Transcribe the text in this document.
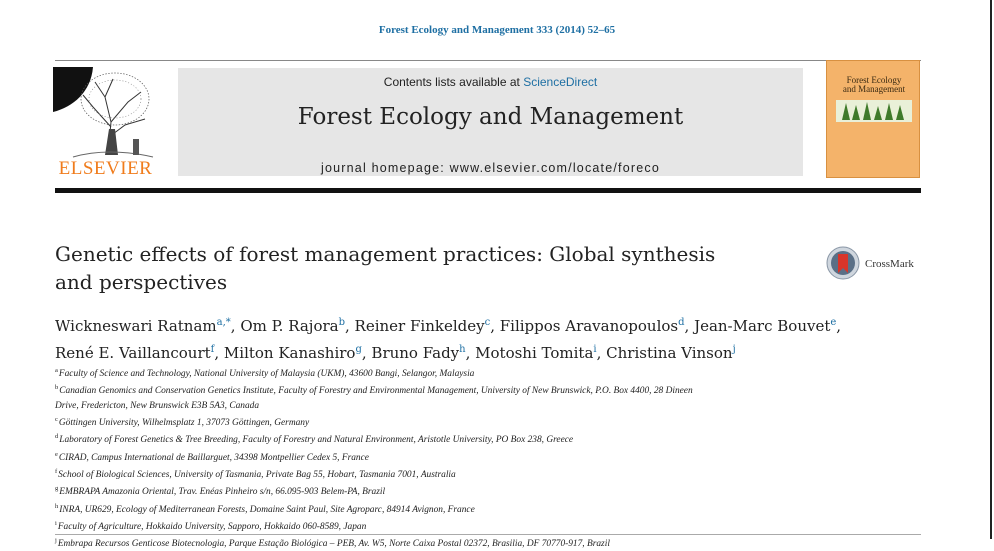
Forest Ecology and Management 333 (2014) 52–65
ELSEVIER
Contents lists available at ScienceDirect
Forest Ecology and Management
journal homepage: www.elsevier.com/locate/foreco
Forest Ecology
and Management
Genetic effects of forest management practices: Global synthesis
and perspectives
CrossMark
Wickneswari Ratnam$^{a,*}$, Om P. Rajora$^b$, Reiner Finkeldey$^c$, Filippos Aravanopoulos$^d$, Jean-Marc Bouvet$^e$,
René E. Vaillancourt$^f$, Milton Kanashiro$^g$, Bruno Fady$^h$, Motoshi Tomita$^i$, Christina Vinson$^j$
$^a$Faculty of Science and Technology, National University of Malaysia (UKM), 43600 Bangi, Selangor, Malaysia
$^b$Canadian Genomics and Conservation Genetics Institute, Faculty of Forestry and Environmental Management, University of New Brunswick, P.O. Box 4400, 28 Dineen
Drive, Fredericton, New Brunswick E3B 5A3, Canada
$^c$Göttingen University, Wilhelmsplatz 1, 37073 Göttingen, Germany
$^d$Laboratory of Forest Genetics & Tree Breeding, Faculty of Forestry and Natural Environment, Aristotle University, PO Box 238, Greece
$^e$CIRAD, Campus International de Baillarguet, 34398 Montpellier Cedex 5, France
$^f$School of Biological Sciences, University of Tasmania, Private Bag 55, Hobart, Tasmania 7001, Australia
$^g$EMBRAPA Amazonia Oriental, Trav. Enéas Pinheiro s/n, 66.095-903 Belem-PA, Brazil
$^h$INRA, UR629, Ecology of Mediterranean Forests, Domaine Saint Paul, Site Agroparc, 84914 Avignon, France
$^i$Faculty of Agriculture, Hokkaido University, Sapporo, Hokkaido 060-8589, Japan
$^j$Embrapa Recursos Genticose Biotecnologia, Parque Estação Biológica – PEB, Av. W5, Norte Caixa Postal 02372, Brasilia, DF 70770-917, Brazil
